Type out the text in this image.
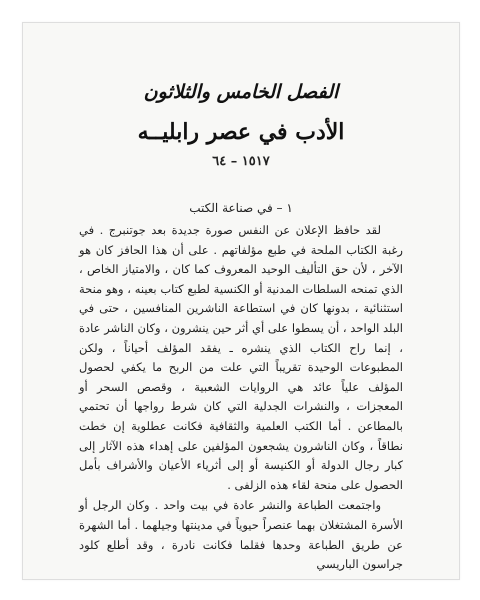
الفصل الخامس والثلاثون
الأدب في عصر رابليــه
١٥١٧ – ٦٤
١ – في صناعة الكتب

لقد حافظ الإعلان عن النفس صورة جديدة بعد جوتنبرج . في رغبة الكتاب الملحة في طبع مؤلفاتهم . على أن هذا الحافز كان هو الآخر ، لأن حق التأليف الوحيد المعروف كما كان ، والامتياز الخاص ، الذي تمنحه السلطات المدنية أو الكنسية لطبع كتاب بعينه ، وهو منحة استثنائية ، بدونها كان في استطاعة الناشرين المنافسين ، حتى في البلد الواحد ، أن يسطوا على أي أثر حين ينشرون ، وكان الناشر عادة ، إنما راح الكتاب الذي ينشره ـ يفقد المؤلف أحياناً ، ولكن المطبوعات الوحيدة تقريباً التي علت من الربح ما يكفي لحصول المؤلف علياً عائد هي الروايات الشعبية ، وقصص السحر أو المعجزات ، والنشرات الجدلية التي كان شرط رواجها أن تحتمي بالمطاعن . أما الكتب العلمية والثقافية فكانت عطلوية إن خطت نطاقاً ، وكان الناشرون يشجعون المؤلفين على إهداء هذه الآثار إلى كبار رجال الدولة أو الكنيسة أو إلى أثرياء الأعيان والأشراف بأمل الحصول على منحة لقاء هذه الزلفى .

واجتمعت الطباعة والنشر عادة في بيت واحد . وكان الرجل أو الأسرة المشتغلان بهما عنصراً حيوياً في مدينتها وجيلهما . أما الشهرة عن طريق الطباعة وحدها فقلما فكانت نادرة ، وقد أطلع كلود جراسون الباريسي
